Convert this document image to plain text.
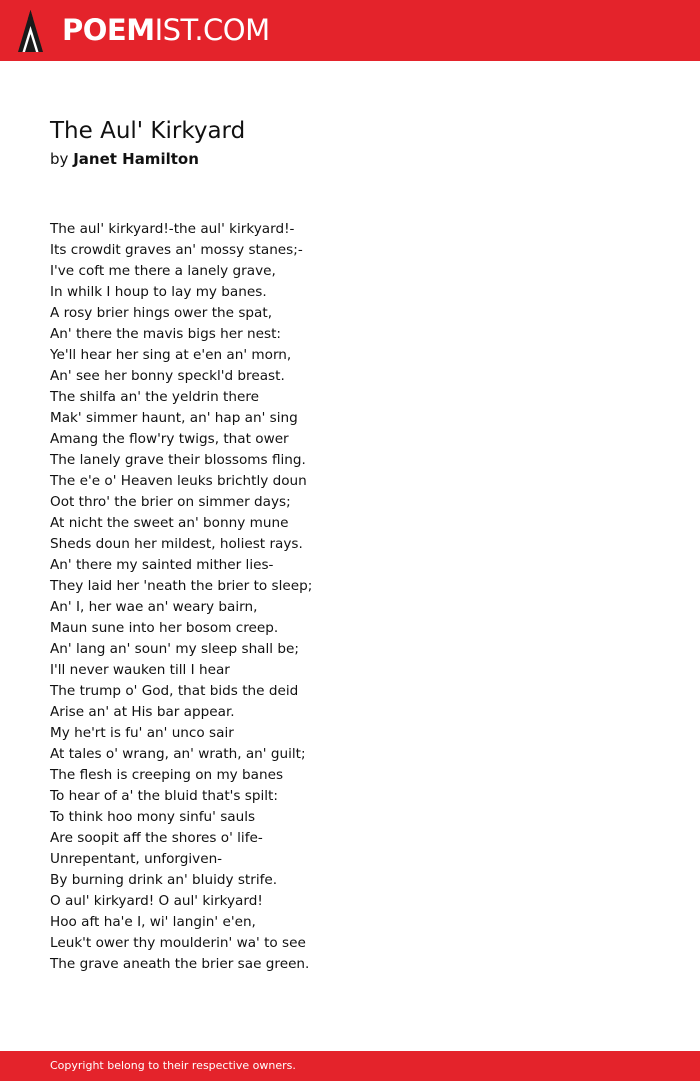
POEMIST.COM
The Aul' Kirkyard
by Janet Hamilton
The aul' kirkyard!-the aul' kirkyard!-
Its crowdit graves an' mossy stanes;-
I've coft me there a lanely grave,
In whilk I houp to lay my banes.
A rosy brier hings ower the spat,
An' there the mavis bigs her nest:
Ye'll hear her sing at e'en an' morn,
An' see her bonny speckl'd breast.
The shilfa an' the yeldrin there
Mak' simmer haunt, an' hap an' sing
Amang the flow'ry twigs, that ower
The lanely grave their blossoms fling.
The e'e o' Heaven leuks brichtly doun
Oot thro' the brier on simmer days;
At nicht the sweet an' bonny mune
Sheds doun her mildest, holiest rays.
An' there my sainted mither lies-
They laid her 'neath the brier to sleep;
An' I, her wae an' weary bairn,
Maun sune into her bosom creep.
An' lang an' soun' my sleep shall be;
I'll never wauken till I hear
The trump o' God, that bids the deid
Arise an' at His bar appear.
My he'rt is fu' an' unco sair
At tales o' wrang, an' wrath, an' guilt;
The flesh is creeping on my banes
To hear of a' the bluid that's spilt:
To think hoo mony sinfu' sauls
Are soopit aff the shores o' life-
Unrepentant, unforgiven-
By burning drink an' bluidy strife.
O aul' kirkyard! O aul' kirkyard!
Hoo aft ha'e I, wi' langin' e'en,
Leuk't ower thy moulderin' wa' to see
The grave aneath the brier sae green.
Copyright belong to their respective owners.
